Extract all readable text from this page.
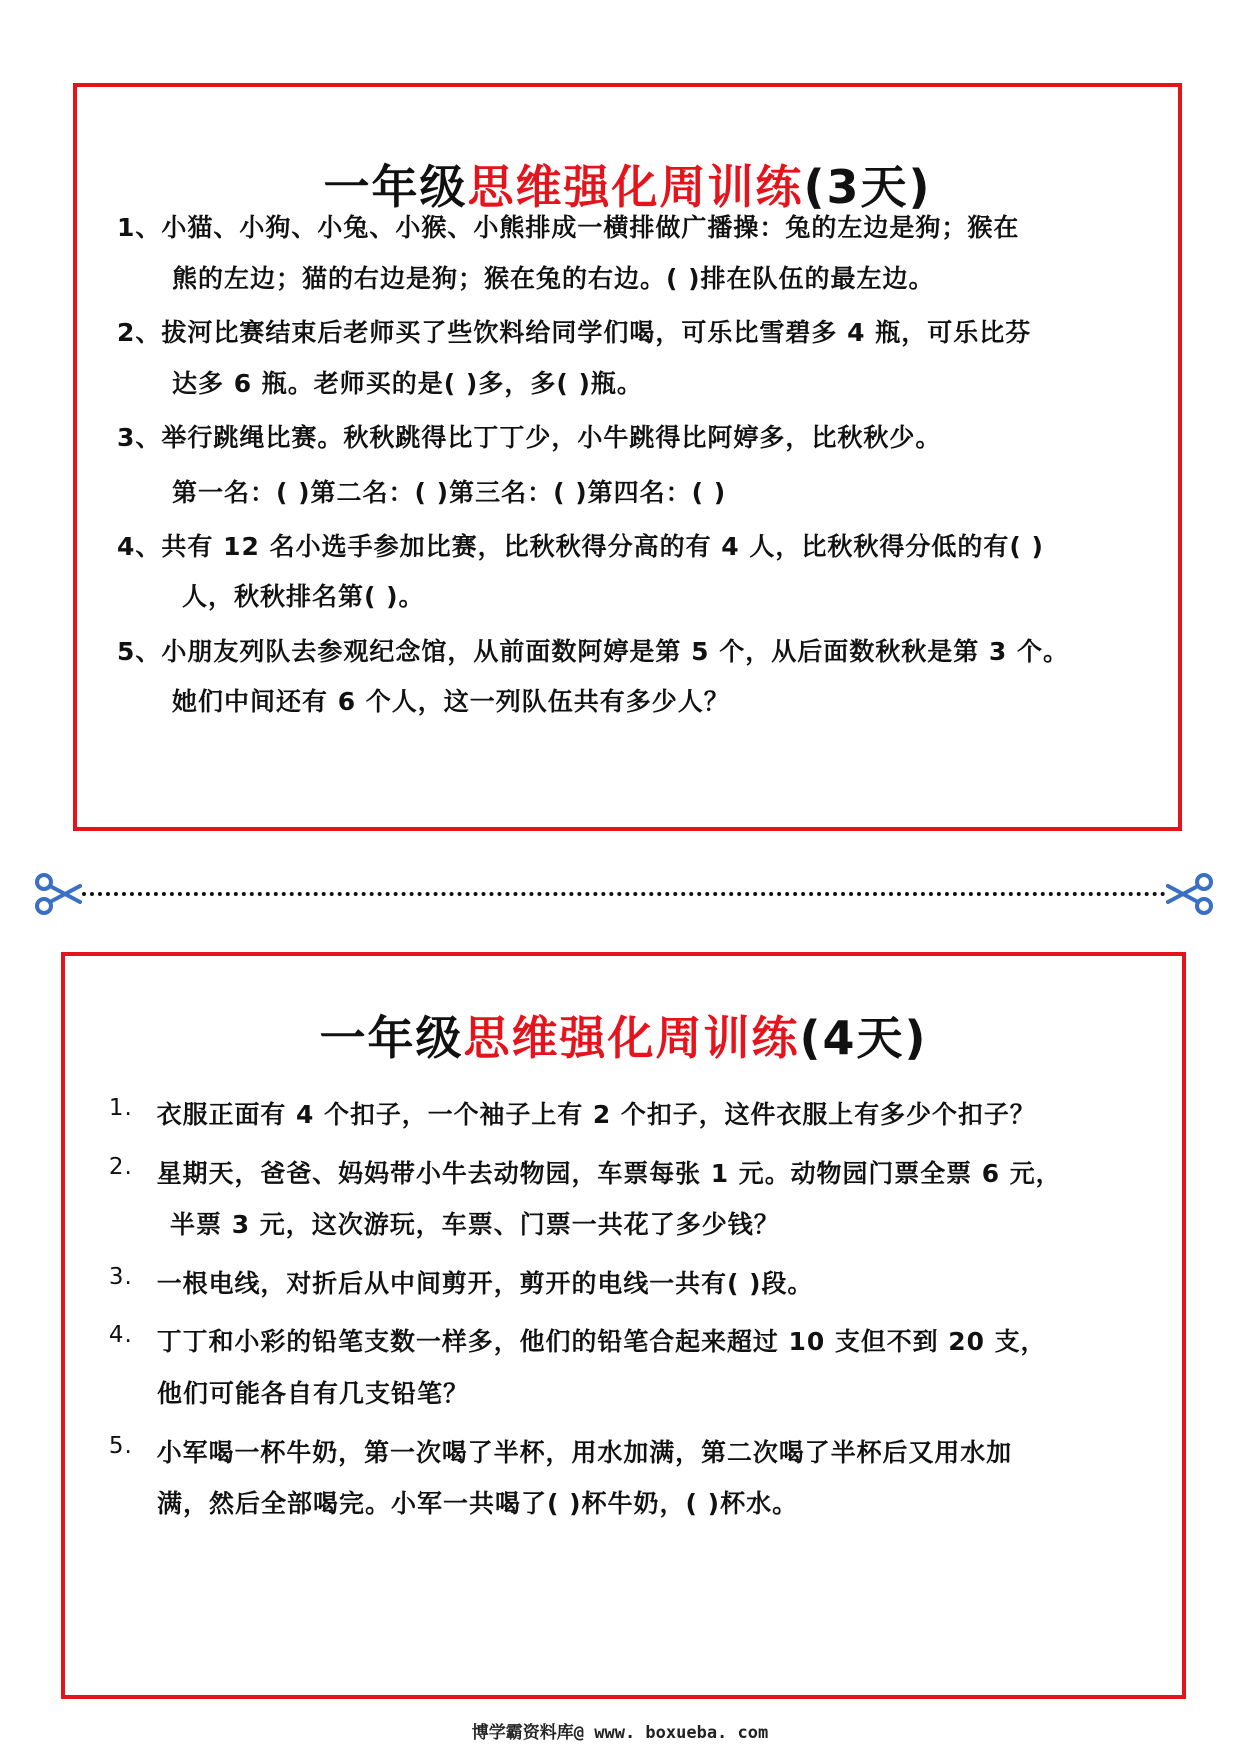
一年级思维强化周训练(3天)
1、小猫、小狗、小兔、小猴、小熊排成一横排做广播操：兔的左边是狗；猴在
熊的左边；猫的右边是狗；猴在兔的右边。( )排在队伍的最左边。
2、拔河比赛结束后老师买了些饮料给同学们喝，可乐比雪碧多 4 瓶，可乐比芬
达多 6 瓶。老师买的是( )多，多( )瓶。
3、举行跳绳比赛。秋秋跳得比丁丁少，小牛跳得比阿婷多，比秋秋少。
第一名：( )第二名：( )第三名：( )第四名：( )
4、共有 12 名小选手参加比赛，比秋秋得分高的有 4 人，比秋秋得分低的有( )
人，秋秋排名第( )。
5、小朋友列队去参观纪念馆，从前面数阿婷是第 5 个，从后面数秋秋是第 3 个。
她们中间还有 6 个人，这一列队伍共有多少人？
一年级思维强化周训练(4天)
1. 衣服正面有 4 个扣子，一个袖子上有 2 个扣子，这件衣服上有多少个扣子？
2. 星期天，爸爸、妈妈带小牛去动物园，车票每张 1 元。动物园门票全票 6 元，
半票 3 元，这次游玩，车票、门票一共花了多少钱？
3. 一根电线，对折后从中间剪开，剪开的电线一共有( )段。
4. 丁丁和小彩的铅笔支数一样多，他们的铅笔合起来超过 10 支但不到 20 支，
他们可能各自有几支铅笔？
5. 小军喝一杯牛奶，第一次喝了半杯，用水加满，第二次喝了半杯后又用水加
满，然后全部喝完。小军一共喝了( )杯牛奶，( )杯水。
博学霸资料库@ www. boxueba. com
